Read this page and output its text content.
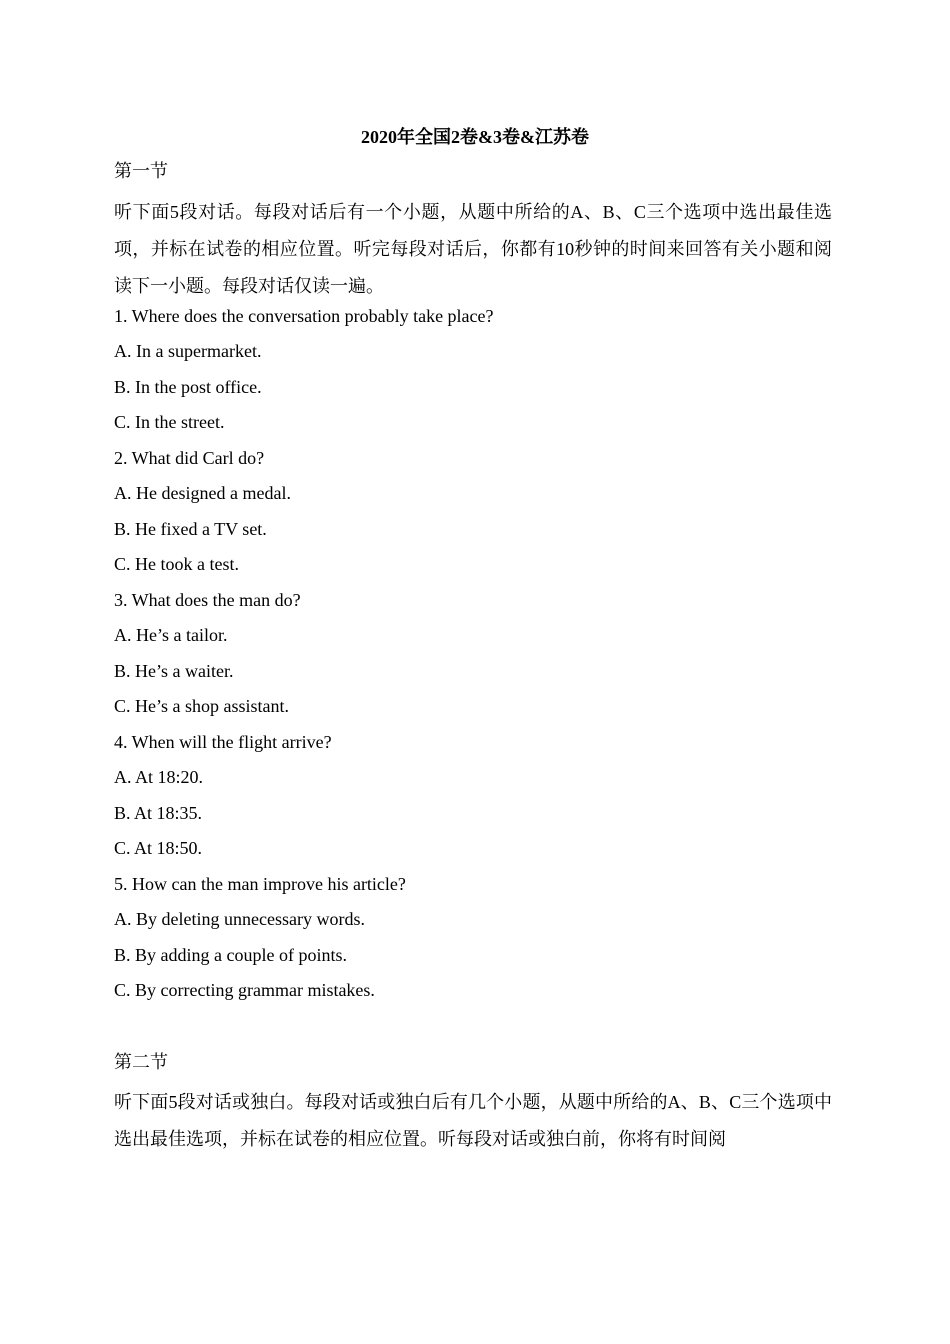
2020年全国2卷&3卷&江苏卷
第一节
听下面5段对话。每段对话后有一个小题，从题中所给的A、B、C三个选项中选出最佳选项，并标在试卷的相应位置。听完每段对话后，你都有10秒钟的时间来回答有关小题和阅读下一小题。每段对话仅读一遍。
1. Where does the conversation probably take place?
A. In a supermarket.
B. In the post office.
C. In the street.
2. What did Carl do?
A. He designed a medal.
B. He fixed a TV set.
C. He took a test.
3. What does the man do?
A. He’s a tailor.
B. He’s a waiter.
C. He’s a shop assistant.
4. When will the flight arrive?
A. At 18:20.
B. At 18:35.
C. At 18:50.
5. How can the man improve his article?
A. By deleting unnecessary words.
B. By adding a couple of points.
C. By correcting grammar mistakes.
第二节
听下面5段对话或独白。每段对话或独白后有几个小题，从题中所给的A、B、C三个选项中选出最佳选项，并标在试卷的相应位置。听每段对话或独白前，你将有时间阅
